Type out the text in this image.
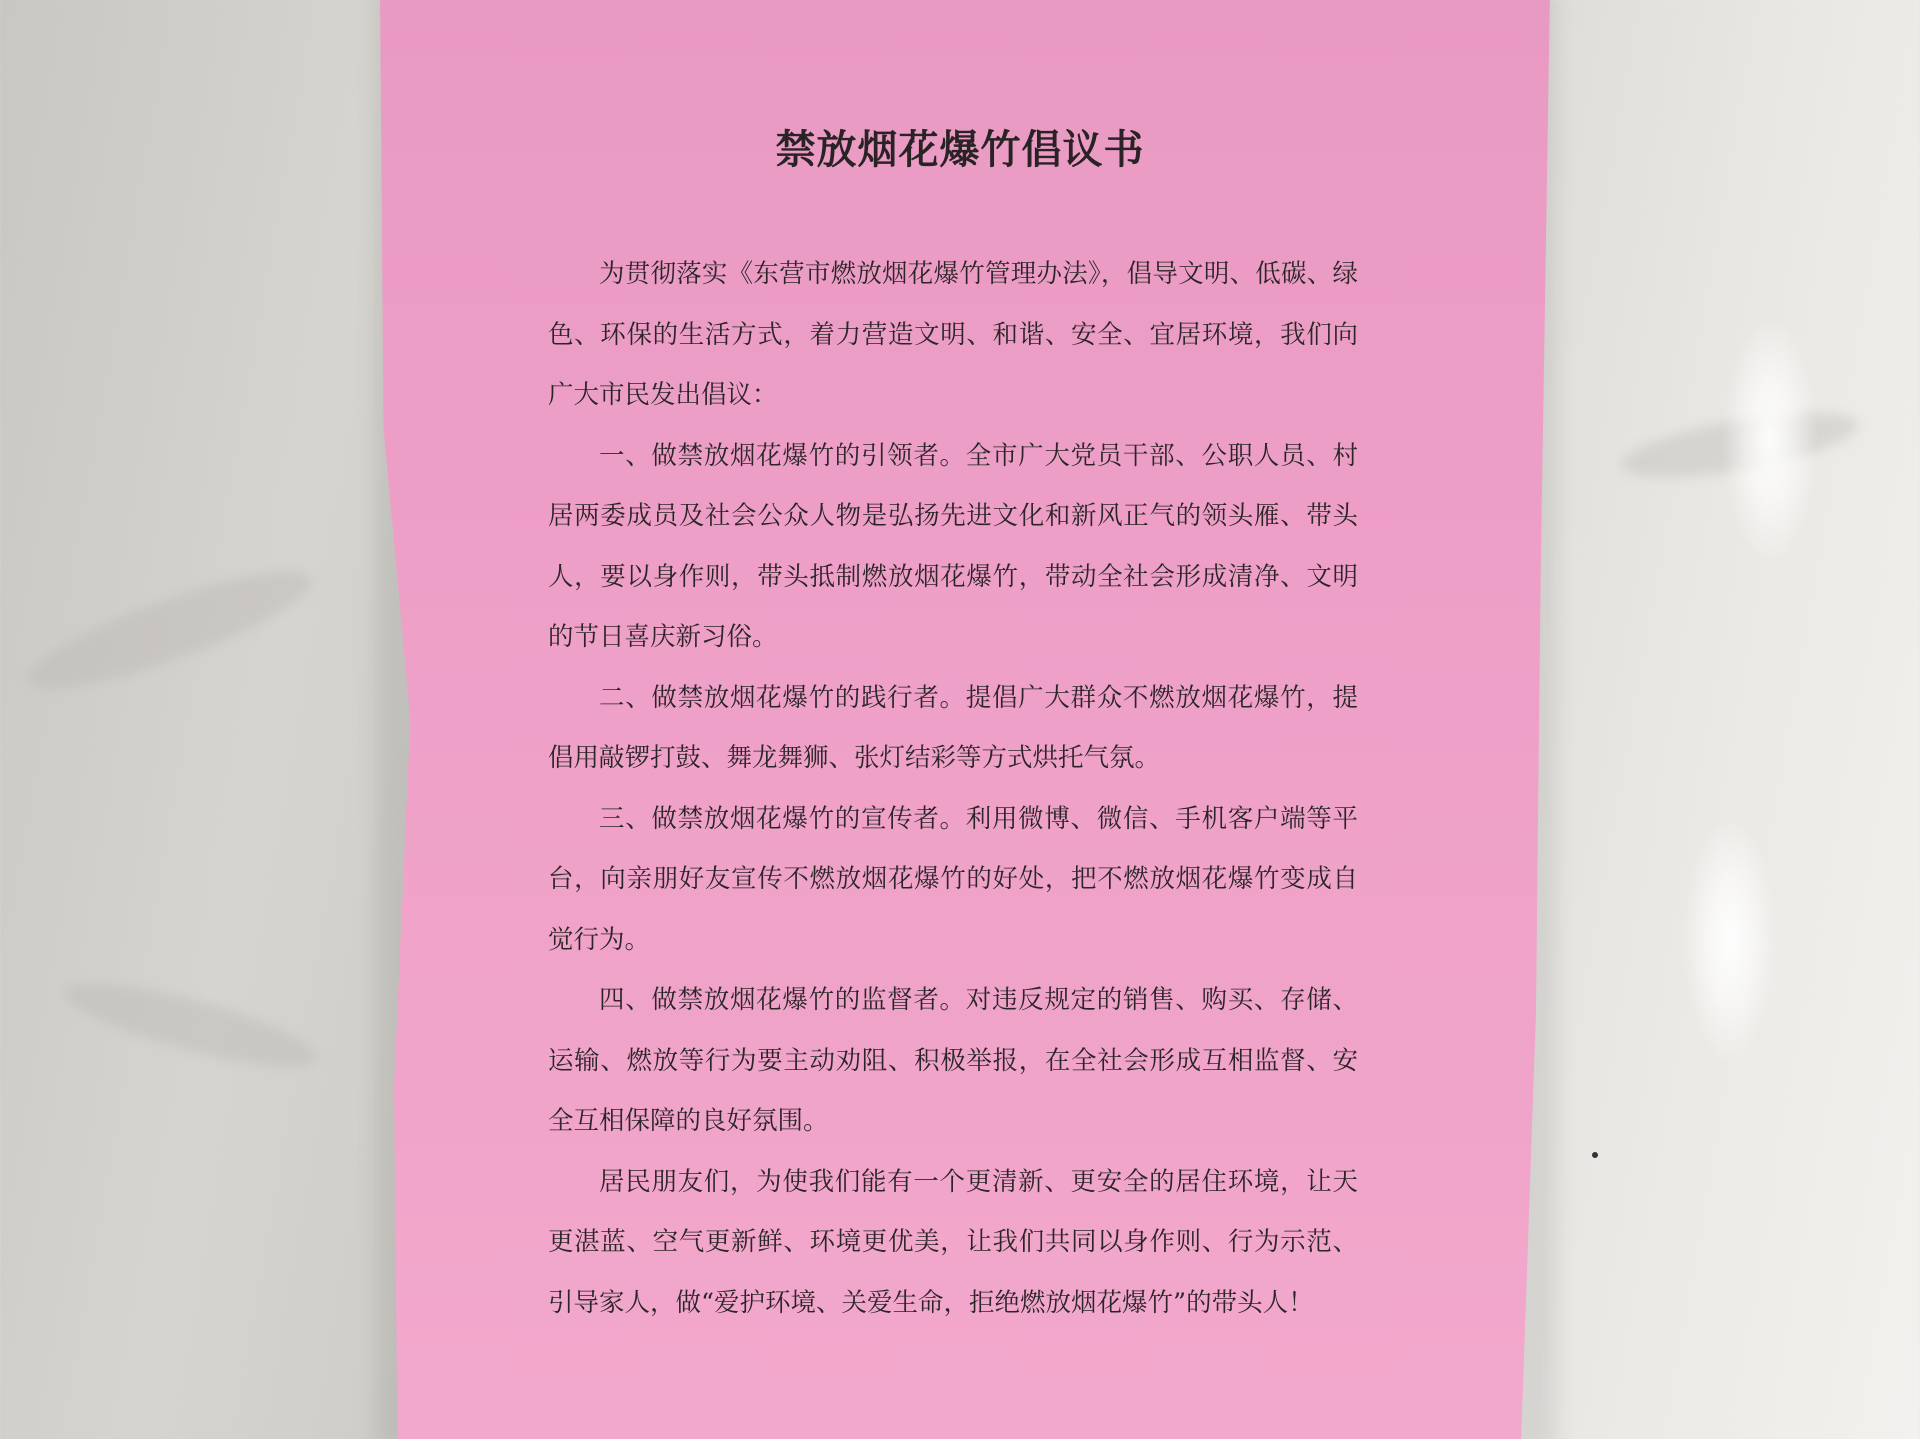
禁放烟花爆竹倡议书

为贯彻落实《东营市燃放烟花爆竹管理办法》，倡导文明、低碳、绿色、环保的生活方式，着力营造文明、和谐、安全、宜居环境，我们向广大市民发出倡议：

一、做禁放烟花爆竹的引领者。全市广大党员干部、公职人员、村居两委成员及社会公众人物是弘扬先进文化和新风正气的领头雁、带头人，要以身作则，带头抵制燃放烟花爆竹，带动全社会形成清净、文明的节日喜庆新习俗。

二、做禁放烟花爆竹的践行者。提倡广大群众不燃放烟花爆竹，提倡用敲锣打鼓、舞龙舞狮、张灯结彩等方式烘托气氛。

三、做禁放烟花爆竹的宣传者。利用微博、微信、手机客户端等平台，向亲朋好友宣传不燃放烟花爆竹的好处，把不燃放烟花爆竹变成自觉行为。

四、做禁放烟花爆竹的监督者。对违反规定的销售、购买、存储、运输、燃放等行为要主动劝阻、积极举报，在全社会形成互相监督、安全互相保障的良好氛围。

居民朋友们，为使我们能有一个更清新、更安全的居住环境，让天更湛蓝、空气更新鲜、环境更优美，让我们共同以身作则、行为示范、引导家人，做“爱护环境、关爱生命，拒绝燃放烟花爆竹”的带头人！
